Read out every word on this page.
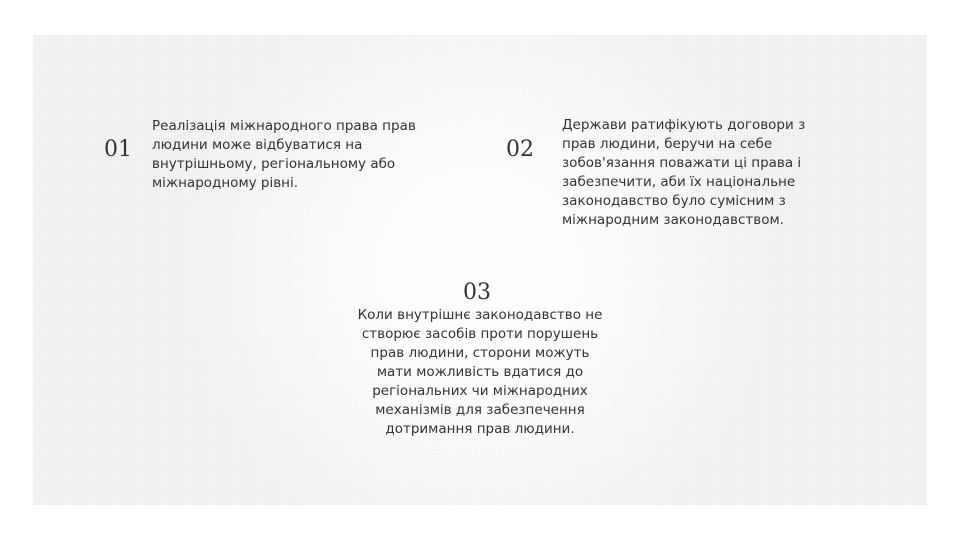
01
Реалізація міжнародного права прав
людини може відбуватися на
внутрішньому, регіональному або
міжнародному рівні.
02
Держави ратифікують договори з
прав людини, беручи на себе
зобов'язання поважати ці права і
забезпечити, аби їх національне
законодавство було сумісним з
міжнародним законодавством.
03
Коли внутрішнє законодавство не
створює засобів проти порушень
прав людини, сторони можуть
мати можливість вдатися до
регіональних чи міжнародних
механізмів для забезпечення
дотримання прав людини.
